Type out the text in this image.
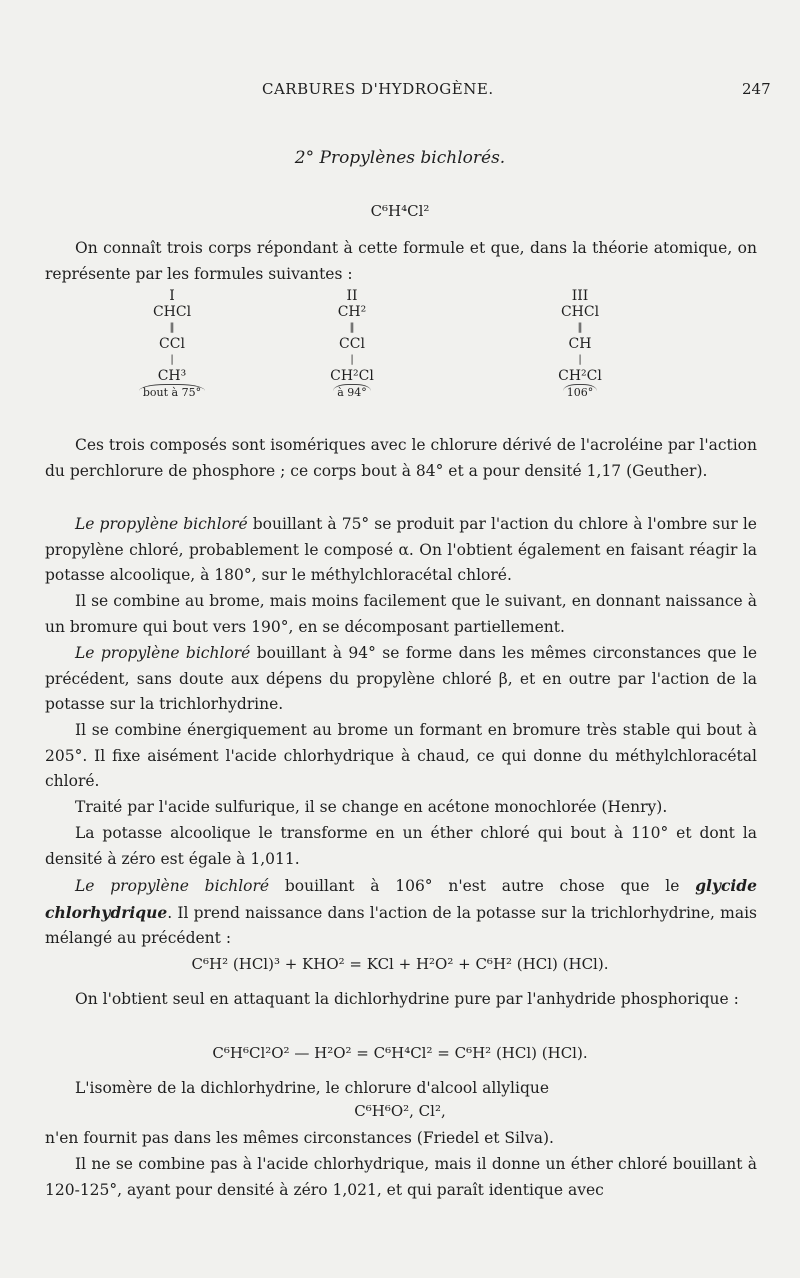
CARBURES D'HYDROGÈNE.	247
2° Propylènes bichlorés.
C⁶H⁴Cl²
On connaît trois corps répondant à cette formule et que, dans la théorie atomique, on représente par les formules suivantes :
I
CHCl
‖
CCl
|
CH³
bout à 75°
II
CH²
‖
CCl
|
CH²Cl
à 94°
III
CHCl
‖
CH
|
CH²Cl
106°
Ces trois composés sont isomériques avec le chlorure dérivé de l'acroléine par l'action du perchlorure de phosphore ; ce corps bout à 84° et a pour densité 1,17 (Geuther).
Le propylène bichloré bouillant à 75° se produit par l'action du chlore à l'ombre sur le propylène chloré, probablement le composé α. On l'obtient également en faisant réagir la potasse alcoolique, à 180°, sur le méthylchloracétal chloré.
Il se combine au brome, mais moins facilement que le suivant, en donnant naissance à un bromure qui bout vers 190°, en se décomposant partiellement.
Le propylène bichloré bouillant à 94° se forme dans les mêmes circonstances que le précédent, sans doute aux dépens du propylène chloré β, et en outre par l'action de la potasse sur la trichlorhydrine.
Il se combine énergiquement au brome un formant en bromure très stable qui bout à 205°. Il fixe aisément l'acide chlorhydrique à chaud, ce qui donne du méthylchloracétal chloré.
Traité par l'acide sulfurique, il se change en acétone monochlorée (Henry).
La potasse alcoolique le transforme en un éther chloré qui bout à 110° et dont la densité à zéro est égale à 1,011.
Le propylène bichloré bouillant à 106° n'est autre chose que le glycide chlorhydrique. Il prend naissance dans l'action de la potasse sur la trichlorhydrine, mais mélangé au précédent :
C⁶H² (HCl)³ + KHO² = KCl + H²O² + C⁶H² (HCl) (HCl).
On l'obtient seul en attaquant la dichlorhydrine pure par l'anhydride phosphorique :
C⁶H⁶Cl²O² — H²O² = C⁶H⁴Cl² = C⁶H² (HCl) (HCl).
L'isomère de la dichlorhydrine, le chlorure d'alcool allylique
C⁶H⁶O², Cl²,
n'en fournit pas dans les mêmes circonstances (Friedel et Silva).
Il ne se combine pas à l'acide chlorhydrique, mais il donne un éther chloré bouillant à 120-125°, ayant pour densité à zéro 1,021, et qui paraît identique avec
